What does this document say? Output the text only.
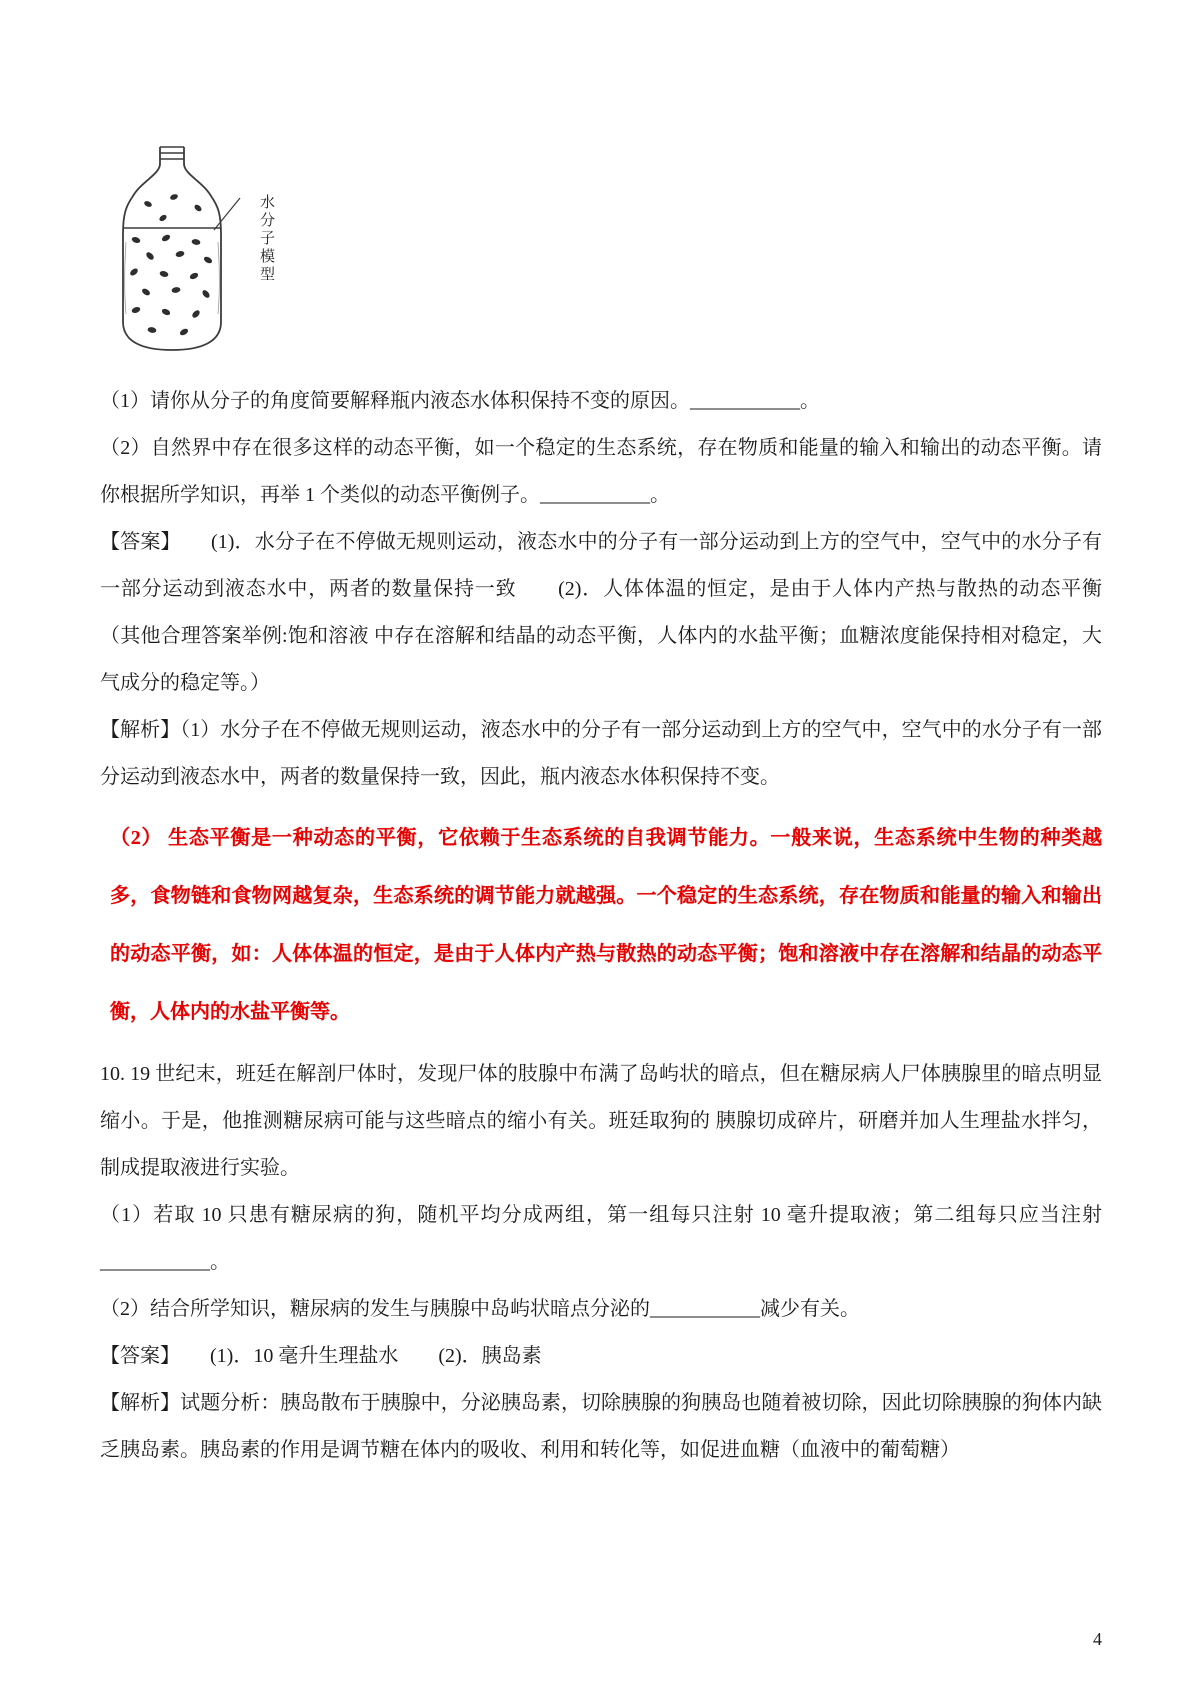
水分子模型

（1）请你从分子的角度简要解释瓶内液态水体积保持不变的原因。___________。

（2）自然界中存在很多这样的动态平衡，如一个稳定的生态系统，存在物质和能量的输入和输出的动态平衡。请你根据所学知识，再举 1 个类似的动态平衡例子。___________。

【答案】　　(1)．水分子在不停做无规则运动，液态水中的分子有一部分运动到上方的空气中，空气中的水分子有一部分运动到液态水中，两者的数量保持一致　　(2)．人体体温的恒定，是由于人体内产热与散热的动态平衡（其他合理答案举例:饱和溶液 中存在溶解和结晶的动态平衡，人体内的水盐平衡；血糖浓度能保持相对稳定，大气成分的稳定等。）

【解析】（1）水分子在不停做无规则运动，液态水中的分子有一部分运动到上方的空气中，空气中的水分子有一部分运动到液态水中，两者的数量保持一致，因此，瓶内液态水体积保持不变。

（2） 生态平衡是一种动态的平衡，它依赖于生态系统的自我调节能力。一般来说，生态系统中生物的种类越多，食物链和食物网越复杂，生态系统的调节能力就越强。一个稳定的生态系统，存在物质和能量的输入和输出的动态平衡，如：人体体温的恒定，是由于人体内产热与散热的动态平衡；饱和溶液中存在溶解和结晶的动态平衡，人体内的水盐平衡等。

10. 19 世纪末，班廷在解剖尸体时，发现尸体的肢腺中布满了岛屿状的暗点，但在糖尿病人尸体胰腺里的暗点明显缩小。于是，他推测糖尿病可能与这些暗点的缩小有关。班廷取狗的 胰腺切成碎片，研磨并加人生理盐水拌匀，制成提取液进行实验。

（1）若取 10 只患有糖尿病的狗，随机平均分成两组，第一组每只注射 10 毫升提取液；第二组每只应当注射___________。

（2）结合所学知识，糖尿病的发生与胰腺中岛屿状暗点分泌的___________减少有关。

【答案】　　(1)．10 毫升生理盐水　　(2)．胰岛素

【解析】试题分析：胰岛散布于胰腺中，分泌胰岛素，切除胰腺的狗胰岛也随着被切除，因此切除胰腺的狗体内缺乏胰岛素。胰岛素的作用是调节糖在体内的吸收、利用和转化等，如促进血糖（血液中的葡萄糖）

4
